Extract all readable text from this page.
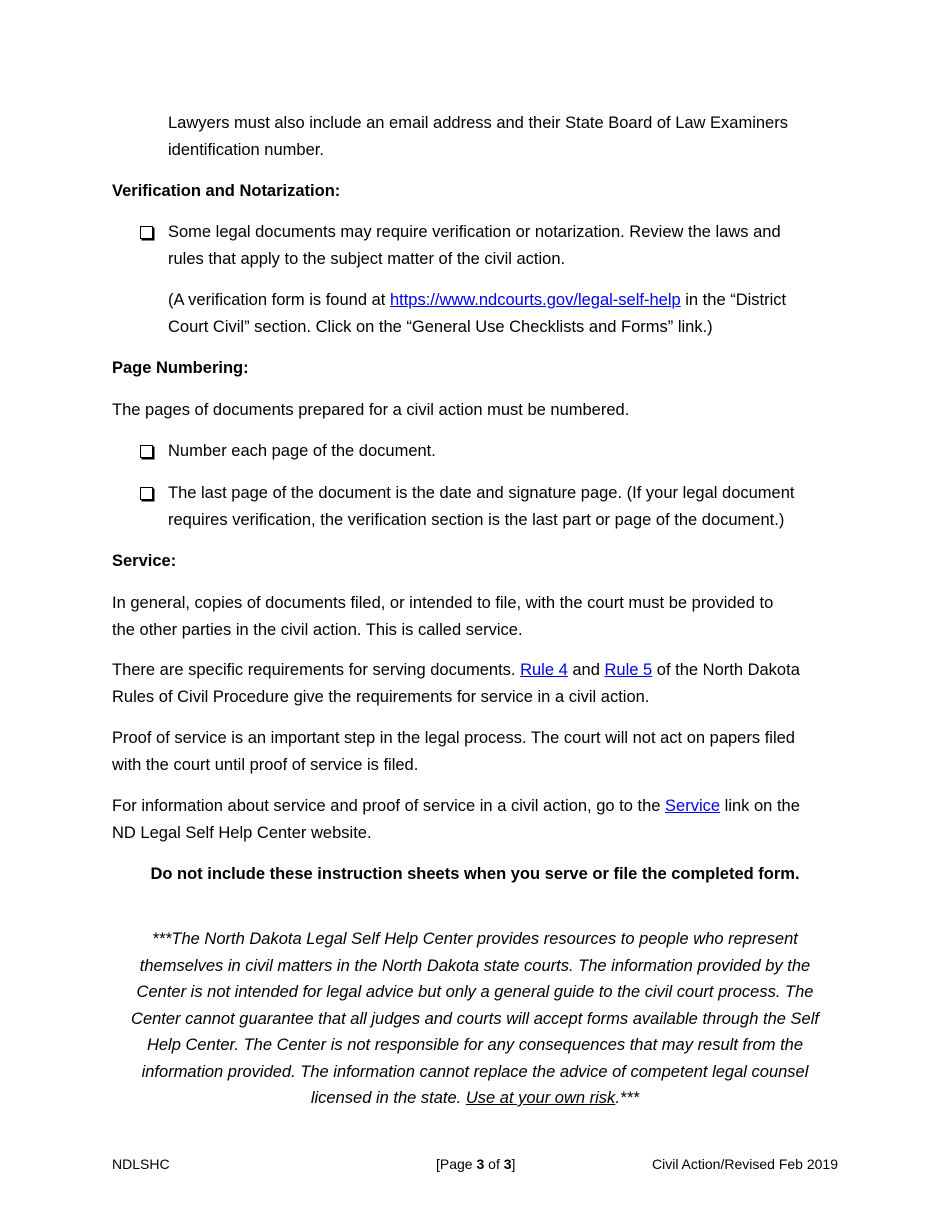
Lawyers must also include an email address and their State Board of Law Examiners
identification number.

Verification and Notarization:

Some legal documents may require verification or notarization. Review the laws and
rules that apply to the subject matter of the civil action.

(A verification form is found at https://www.ndcourts.gov/legal-self-help in the “District
Court Civil” section. Click on the “General Use Checklists and Forms” link.)

Page Numbering:

The pages of documents prepared for a civil action must be numbered.

Number each page of the document.

The last page of the document is the date and signature page. (If your legal document
requires verification, the verification section is the last part or page of the document.)

Service:

In general, copies of documents filed, or intended to file, with the court must be provided to
the other parties in the civil action. This is called service.

There are specific requirements for serving documents. Rule 4 and Rule 5 of the North Dakota
Rules of Civil Procedure give the requirements for service in a civil action.

Proof of service is an important step in the legal process. The court will not act on papers filed
with the court until proof of service is filed.

For information about service and proof of service in a civil action, go to the Service link on the
ND Legal Self Help Center website.

Do not include these instruction sheets when you serve or file the completed form.

***The North Dakota Legal Self Help Center provides resources to people who represent
themselves in civil matters in the North Dakota state courts. The information provided by the
Center is not intended for legal advice but only a general guide to the civil court process. The
Center cannot guarantee that all judges and courts will accept forms available through the Self
Help Center. The Center is not responsible for any consequences that may result from the
information provided. The information cannot replace the advice of competent legal counsel
licensed in the state. Use at your own risk.***

NDLSHC	[Page 3 of 3]	Civil Action/Revised Feb 2019
